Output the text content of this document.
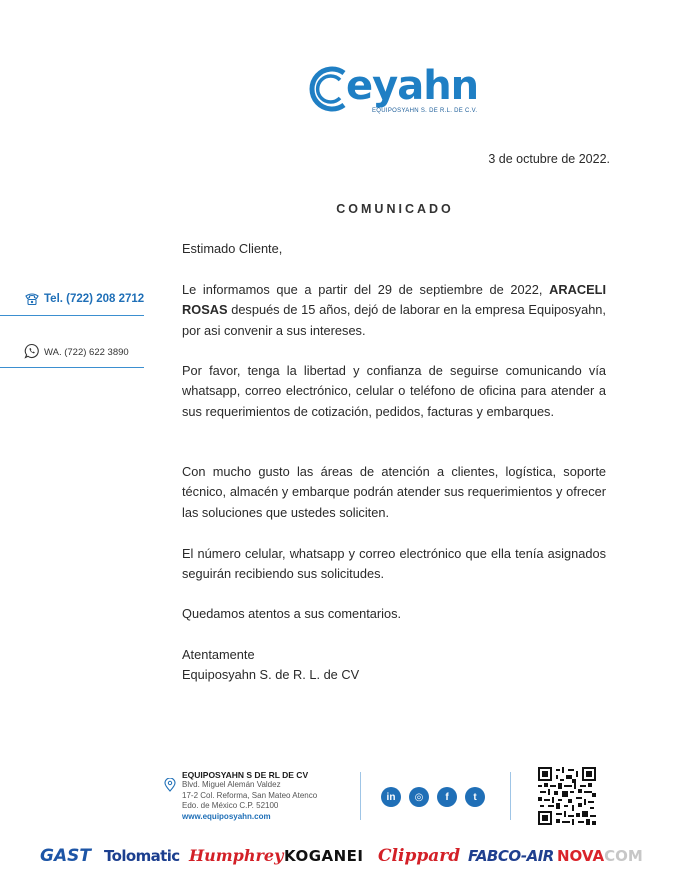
eyahn
EQUIPOSYAHN S. DE R.L. DE C.V.
3 de octubre de 2022.
COMUNICADO
Tel. (722) 208 2712
WA. (722) 622 3890
Estimado Cliente,
Le informamos que a partir del 29 de septiembre de 2022, ARACELI ROSAS después de 15 años, dejó de laborar en la empresa Equiposyahn, por asi convenir a sus intereses.
Por favor, tenga la libertad y confianza de seguirse comunicando vía whatsapp, correo electrónico, celular o teléfono de oficina para atender a sus requerimientos de cotización, pedidos, facturas y embarques.
Con mucho gusto las áreas de atención a clientes, logística, soporte técnico, almacén y embarque podrán atender sus requerimientos y ofrecer las soluciones que ustedes soliciten.
El número celular, whatsapp y correo electrónico que ella tenía asignados seguirán recibiendo sus solicitudes.
Quedamos atentos a sus comentarios.
Atentamente
Equiposyahn S. de R. L. de CV
EQUIPOSYAHN S DE RL DE CV
Blvd. Miguel Alemán Valdez
17-2 Col. Reforma, San Mateo Atenco
Edo. de México C.P. 52100
www.equiposyahn.com
in	◎	f	t
GAST Tolomatic Humphrey KOGANEI Clippard FABCO-AIR NOVACOM
